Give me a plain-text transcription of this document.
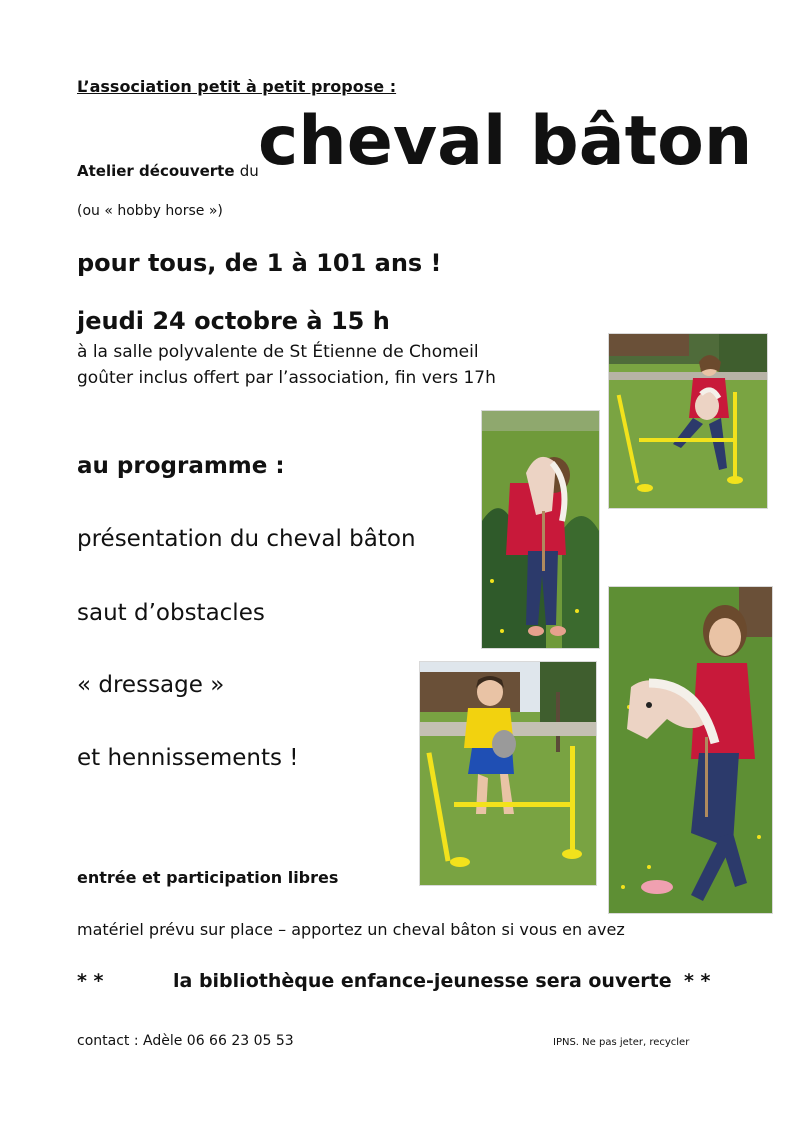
L’association petit à petit propose :
Atelier découverte du cheval bâton
(ou « hobby horse »)
pour tous, de 1 à 101 ans !
jeudi 24 octobre à 15 h
à la salle polyvalente de St Étienne de Chomeil
goûter inclus offert par l’association, fin vers 17h
au programme :
présentation du cheval bâton
saut d’obstacles
« dressage »
et hennissements !
entrée et participation libres
matériel prévu sur place – apportez un cheval bâton si vous en avez
* *	la bibliothèque enfance-jeunesse sera ouverte * *
contact : Adèle 06 66 23 05 53	IPNS. Ne pas jeter, recycler
